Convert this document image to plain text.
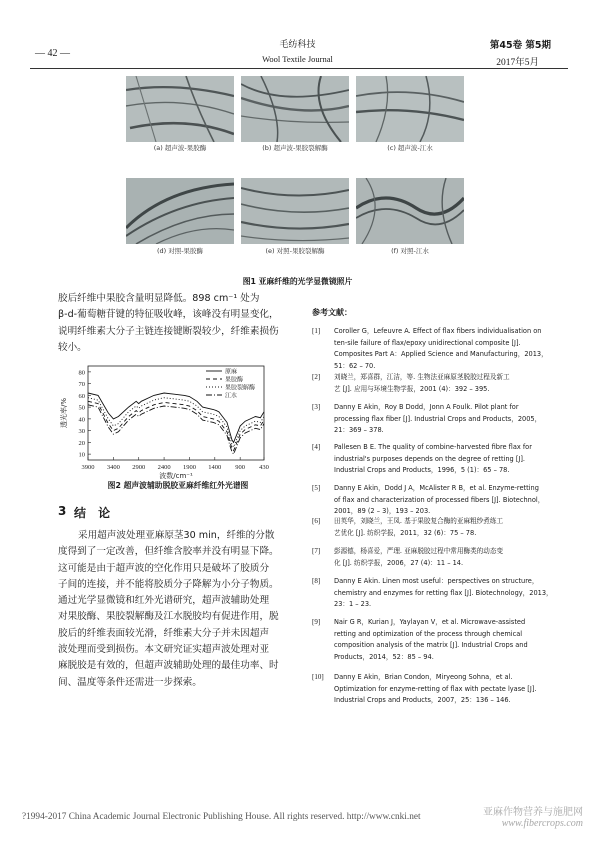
— 42 —
毛纺科技
Wool Textile Journal
第45卷 第5期
2017年5月
(a) 超声波-果胶酶	(b) 超声波-果胶裂解酶	(c) 超声波-江水
(d) 对照-果胶酶	(e) 对照-果胶裂解酶	(f) 对照-江水
图1 亚麻纤维的光学显微镜照片
胶后纤维中果胶含量明显降低。898 cm⁻¹ 处为
β-d-葡萄糖苷键的特征吸收峰，该峰没有明显变化，
说明纤维素大分子主链连接键断裂较少，纤维素损伤
较小。
80
70
60
50
40
30
20
10
3900 3400 2900 2400 1900 1400 900 430
波数/cm⁻¹
透光率/%
原麻
果胶酶
果胶裂解酶
江水
图2 超声波辅助脱胶亚麻纤维红外光谱图
3 结 论
采用超声波处理亚麻原茎30 min，纤维的分散
度得到了一定改善，但纤维含胶率并没有明显下降。
这可能是由于超声波的空化作用只是破坏了胶质分
子间的连接，并不能将胶质分子降解为小分子物质。
通过光学显微镜和红外光谱研究，超声波辅助处理
对果胶酶、果胶裂解酶及江水脱胶均有促进作用，脱
胶后的纤维表面较光滑，纤维素大分子并未因超声
波处理而受到损伤。本文研究证实超声波处理对亚
麻脱胶是有效的，但超声波辅助处理的最佳功率、时
间、温度等条件还需进一步探索。
参考文献：
[1] Coroller G，Lefeuvre A. Effect of flax fibers individualisation on
ten-sile failure of flax/epoxy unidirectional composite [J].
Composites Part A：Applied Science and Manufacturing，2013，
51：62 – 70.
[2] 刘晓兰，郑喜群，江洁，等. 生物法亚麻原茎脱胶过程及新工
艺 [J]. 应用与环境生物学报，2001 (4)：392 – 395.
[3] Danny E Akin，Roy B Dodd，Jonn A Foulk. Pilot plant for
processing flax fiber [J]. Industrial Crops and Products，2005，
21：369 – 378.
[4] Pallesen B E. The quality of combine-harvested fibre flax for
industrial's purposes depends on the degree of retting [J].
Industrial Crops and Products，1996，5 (1)：65 – 78.
[5] Danny E Akin，Dodd J A，McAlister R B，et al. Enzyme-retting
of flax and characterization of processed fibers [J]. Biotechnol，
2001，89 (2 – 3)，193 – 203.
[6] 田英华，刘晓兰，王凤. 基于果胶复合酶的亚麻粗纱煮练工
艺优化 [J]. 纺织学报，2011，32 (6)：75 – 78.
[7] 彭源德，杨喜爱，严理. 亚麻脱胶过程中常用酶类的动态变
化 [J]. 纺织学报，2006，27 (4)：11 – 14.
[8] Danny E Akin. Linen most useful：perspectives on structure，
chemistry and enzymes for retting flax [J]. Biotechnology，2013，
23：1 – 23.
[9] Nair G R，Kurian J，Yaylayan V，et al. Microwave-assisted
retting and optimization of the process through chemical
composition analysis of the matrix [J]. Industrial Crops and
Products，2014，52：85 – 94.
[10] Danny E Akin，Brian Condon，Miryeong Sohna，et al.
Optimization for enzyme-retting of flax with pectate lyase [J].
Industrial Crops and Products，2007，25：136 – 146.
?1994-2017 China Academic Journal Electronic Publishing House. All rights reserved. http://www.cnki.net	亚麻作物营养与施肥网
www.fibercrops.com
